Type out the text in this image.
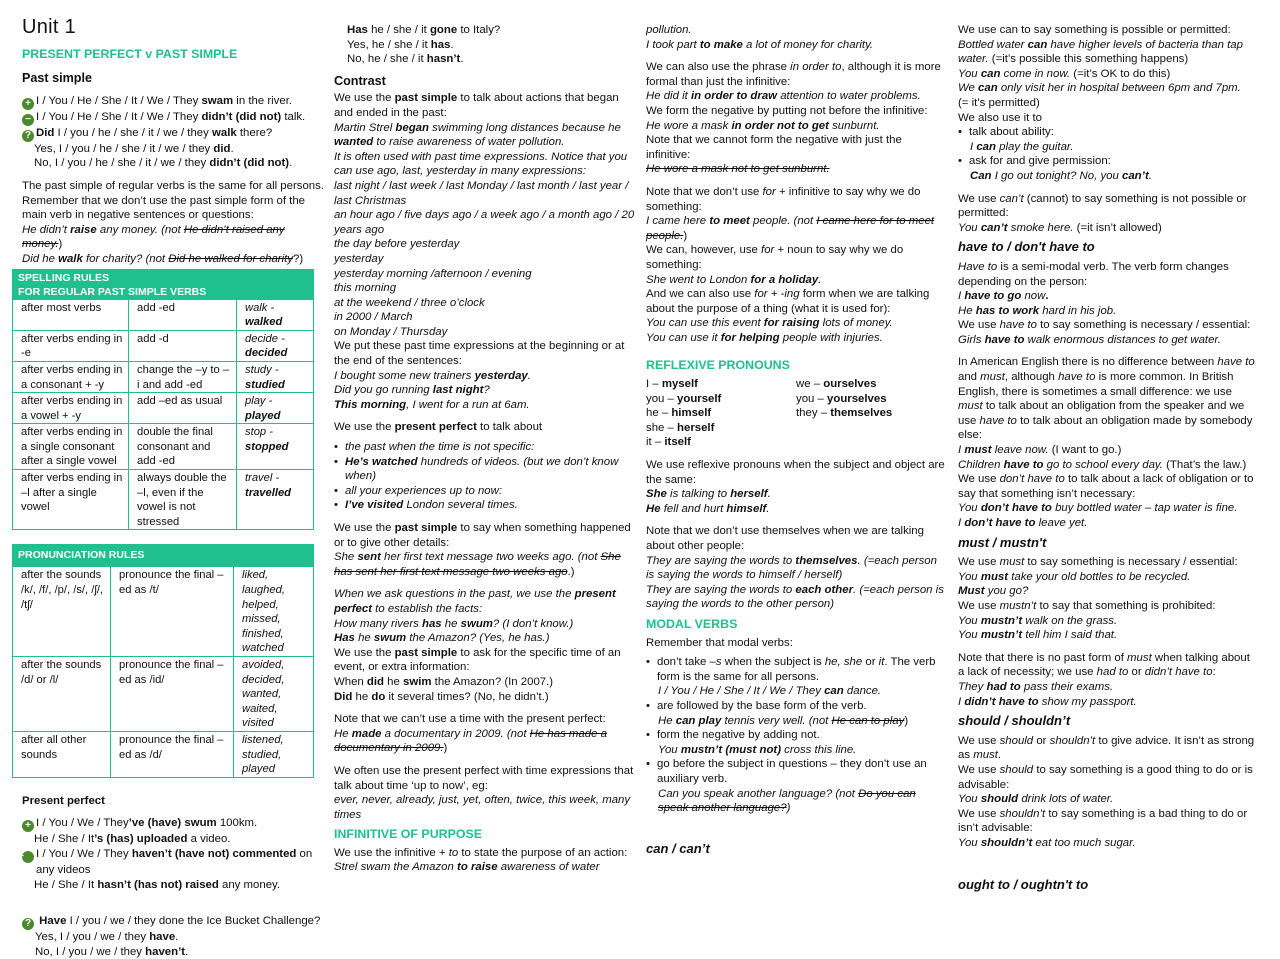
Unit 1
PRESENT PERFECT v PAST SIMPLE
Past simple

+ I / You / He / She / It / We / They swam in the river.

− I / You / He / She / It / We / They didn’t (did not) talk.

? Did I / you / he / she / it / we / they walk there?

Yes, I / you / he / she / it / we / they did.

No, I / you / he / she / it / we / they didn’t (did not).

The past simple of regular verbs is the same for all persons. Remember that we don’t use the past simple form of the main verb in negative sentences or questions:

He didn’t raise any money. (not He didn’t raised any money.)

Did he walk for charity? (not Did he walked for charity?)

SPELLING RULES
FOR REGULAR PAST SIMPLE VERBS		

after most verbs	add -ed	walk - walked
after verbs ending in -e	add -d	decide - decided
after verbs ending in a consonant + -y	change the –y to –i and add -ed	study - studied
after verbs ending in a vowel + -y	add –ed as usual	play - played
after verbs ending in a single consonant after a single vowel	double the final consonant and add -ed	stop - stopped
after verbs ending in –l after a single vowel	always double the –l, even if the vowel is not stressed	travel - travelled
PRONUNCIATION RULES		
after the sounds /k/, /f/, /p/, /s/, /ʃ/, /tʃ/	pronounce the final –ed as /t/	liked, laughed, helped, missed, finished, watched
after the sounds /d/ or /l/	pronounce the final –ed as /id/	avoided, decided, wanted, waited, visited
after all other sounds	pronounce the final –ed as /d/	listened, studied, played
Present perfect

+ I / You / We / They’ve (have) swum 100km.

He / She / It’s (has) uploaded a video.

− I / You / We / They haven’t (have not) commented on any videos

He / She / It hasn’t (has not) raised any money.

? Have I / you / we / they done the Ice Bucket Challenge?

Yes, I / you / we / they have.

No, I / you / we / they haven’t.

Has he / she / it gone to Italy?

Yes, he / she / it has.

No, he / she / it hasn’t.

Contrast

We use the past simple to talk about actions that began and ended in the past:

Martin Strel began swimming long distances because he wanted to raise awareness of water pollution.

It is often used with past time expressions. Notice that you can use ago, last, yesterday in many expressions:

last night / last week / last Monday / last month / last year / last Christmas

an hour ago / five days ago / a week ago / a month ago / 20 years ago

the day before yesterday

yesterday

yesterday morning /afternoon / evening

this morning

at the weekend / three o’clock

in 2000 / March

on Monday / Thursday

We put these past time expressions at the beginning or at the end of the sentences:

I bought some new trainers yesterday.

Did you go running last night?

This morning, I went for a run at 6am.

We use the present perfect to talk about

• the past when the time is not specific:

• He’s watched hundreds of videos. (but we don’t know when)

• all your experiences up to now:

• I’ve visited London several times.

We use the past simple to say when something happened or to give other details:

She sent her first text message two weeks ago. (not She has sent her first text message two weeks ago.)

When we ask questions in the past, we use the present perfect to establish the facts:

How many rivers has he swum? (I don’t know.)

Has he swum the Amazon? (Yes, he has.)

We use the past simple to ask for the specific time of an event, or extra information:

When did he swim the Amazon? (In 2007.)

Did he do it several times? (No, he didn’t.)

Note that we can’t use a time with the present perfect:

He made a documentary in 2009. (not He has made a documentary in 2009.)

We often use the present perfect with time expressions that talk about time ‘up to now’, eg:

ever, never, already, just, yet, often, twice, this week, many times

INFINITIVE OF PURPOSE

We use the infinitive + to to state the purpose of an action:

Strel swam the Amazon to raise awareness of water

pollution.

I took part to make a lot of money for charity.

We can also use the phrase in order to, although it is more formal than just the infinitive:

He did it in order to draw attention to water problems.

We form the negative by putting not before the infinitive:

He wore a mask in order not to get sunburnt.

Note that we cannot form the negative with just the infinitive:

He wore a mask not to get sunburnt.

Note that we don’t use for + infinitive to say why we do something:

I came here to meet people. (not I came here for to meet people.)

We can, however, use for + noun to say why we do something:

She went to London for a holiday.

And we can also use for + -ing form when we are talking about the purpose of a thing (what it is used for):

You can use this event for raising lots of money.

You can use it for helping people with injuries.

REFLEXIVE PRONOUNS

I – myself

you – yourself

he – himself

she – herself

it – itself

we – ourselves

you – yourselves

they – themselves

We use reflexive pronouns when the subject and object are the same:

She is talking to herself.

He fell and hurt himself.

Note that we don’t use themselves when we are talking about other people:

They are saying the words to themselves. (=each person is saying the words to himself / herself)

They are saying the words to each other. (=each person is saying the words to the other person)

MODAL VERBS

Remember that modal verbs:

• don’t take –s when the subject is he, she or it. The verb form is the same for all persons.

I / You / He / She / It / We / They can dance.

• are followed by the base form of the verb.

He can play tennis very well. (not He can to play)

• form the negative by adding not.

You mustn’t (must not) cross this line.

• go before the subject in questions – they don’t use an auxiliary verb.

Can you speak another language? (not Do you can speak another language?)

can / can’t

We use can to say something is possible or permitted:

Bottled water can have higher levels of bacteria than tap water. (=it’s possible this something happens)

You can come in now. (=it’s OK to do this)

We can only visit her in hospital between 6pm and 7pm.

(= it’s permitted)

We also use it to

• talk about ability:

I can play the guitar.

• ask for and give permission:

Can I go out tonight? No, you can’t.

We use can’t (cannot) to say something is not possible or permitted:

You can’t smoke here. (=it isn’t allowed)

have to / don't have to

Have to is a semi-modal verb. The verb form changes depending on the person:

I have to go now.

He has to work hard in his job.

We use have to to say something is necessary / essential:

Girls have to walk enormous distances to get water.

In American English there is no difference between have to and must, although have to is more common. In British English, there is sometimes a small difference: we use must to talk about an obligation from the speaker and we use have to to talk about an obligation made by somebody else:

I must leave now. (I want to go.)

Children have to go to school every day. (That’s the law.)

We use don’t have to to talk about a lack of obligation or to say that something isn’t necessary:

You don’t have to buy bottled water – tap water is fine.

I don’t have to leave yet.

must / mustn't

We use must to say something is necessary / essential:

You must take your old bottles to be recycled.

Must you go?

We use mustn’t to say that something is prohibited:

You mustn’t walk on the grass.

You mustn’t tell him I said that.

Note that there is no past form of must when talking about a lack of necessity; we use had to or didn’t have to:

They had to pass their exams.

I didn’t have to show my passport.

should / shouldn’t

We use should or shouldn’t to give advice. It isn’t as strong as must.

We use should to say something is a good thing to do or is advisable:

You should drink lots of water.

We use shouldn’t to say something is a bad thing to do or isn’t advisable:

You shouldn’t eat too much sugar.

ought to / oughtn't to
